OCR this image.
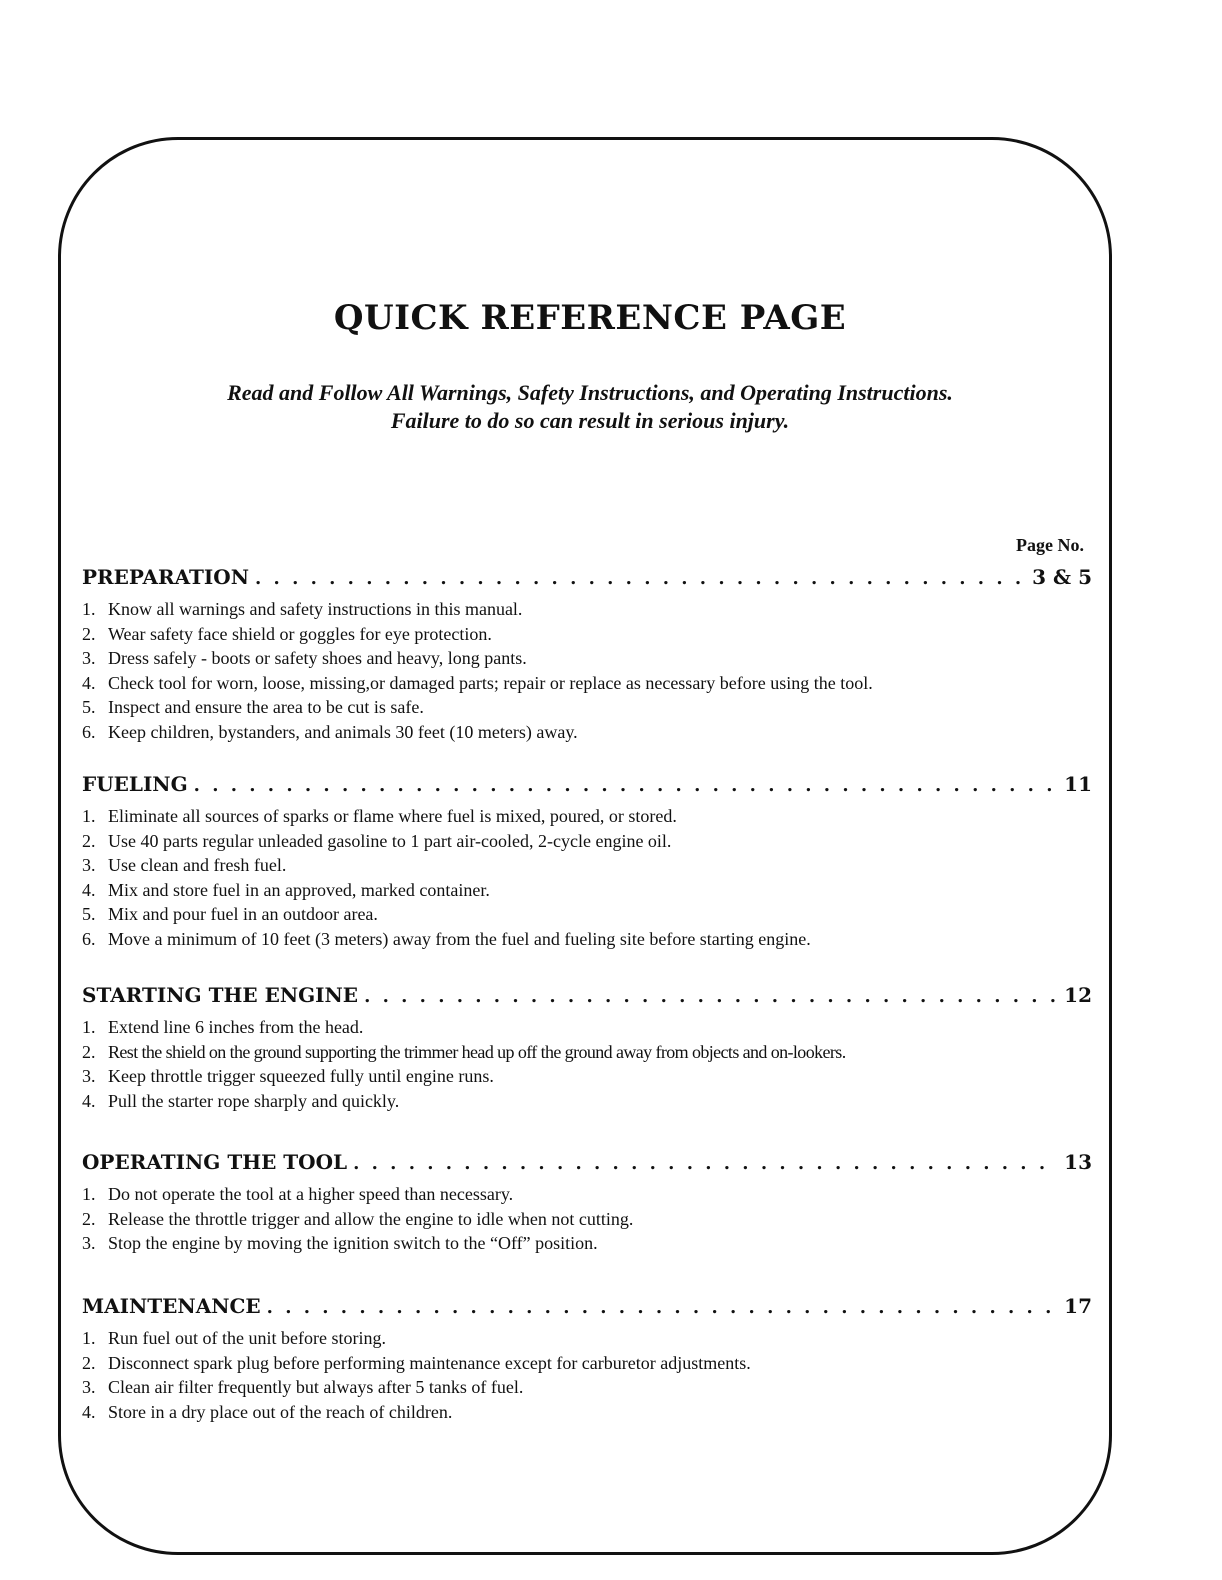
QUICK REFERENCE PAGE

Read and Follow All Warnings, Safety Instructions, and Operating Instructions.

Failure to do so can result in serious injury.

Page No.
PREPARATION . . .	3 & 5
1. Know all warnings and safety instructions in this manual.
2. Wear safety face shield or goggles for eye protection.
3. Dress safely - boots or safety shoes and heavy, long pants.
4. Check tool for worn, loose, missing,or damaged parts; repair or replace as necessary before using the tool.
5. Inspect and ensure the area to be cut is safe.
6. Keep children, bystanders, and animals 30 feet (10 meters) away.
FUELING . . .	11
1. Eliminate all sources of sparks or flame where fuel is mixed, poured, or stored.
2. Use 40 parts regular unleaded gasoline to 1 part air-cooled, 2-cycle engine oil.
3. Use clean and fresh fuel.
4. Mix and store fuel in an approved, marked container.
5. Mix and pour fuel in an outdoor area.
6. Move a minimum of 10 feet (3 meters) away from the fuel and fueling site before starting engine.
STARTING THE ENGINE . . .	12
1. Extend line 6 inches from the head.
2. Rest the shield on the ground supporting the trimmer head up off the ground away from objects and on-lookers.
3. Keep throttle trigger squeezed fully until engine runs.
4. Pull the starter rope sharply and quickly.
OPERATING THE TOOL . . .	13
1. Do not operate the tool at a higher speed than necessary.
2. Release the throttle trigger and allow the engine to idle when not cutting.
3. Stop the engine by moving the ignition switch to the “Off” position.
MAINTENANCE . . .	17
1. Run fuel out of the unit before storing.
2. Disconnect spark plug before performing maintenance except for carburetor adjustments.
3. Clean air filter frequently but always after 5 tanks of fuel.
4. Store in a dry place out of the reach of children.
